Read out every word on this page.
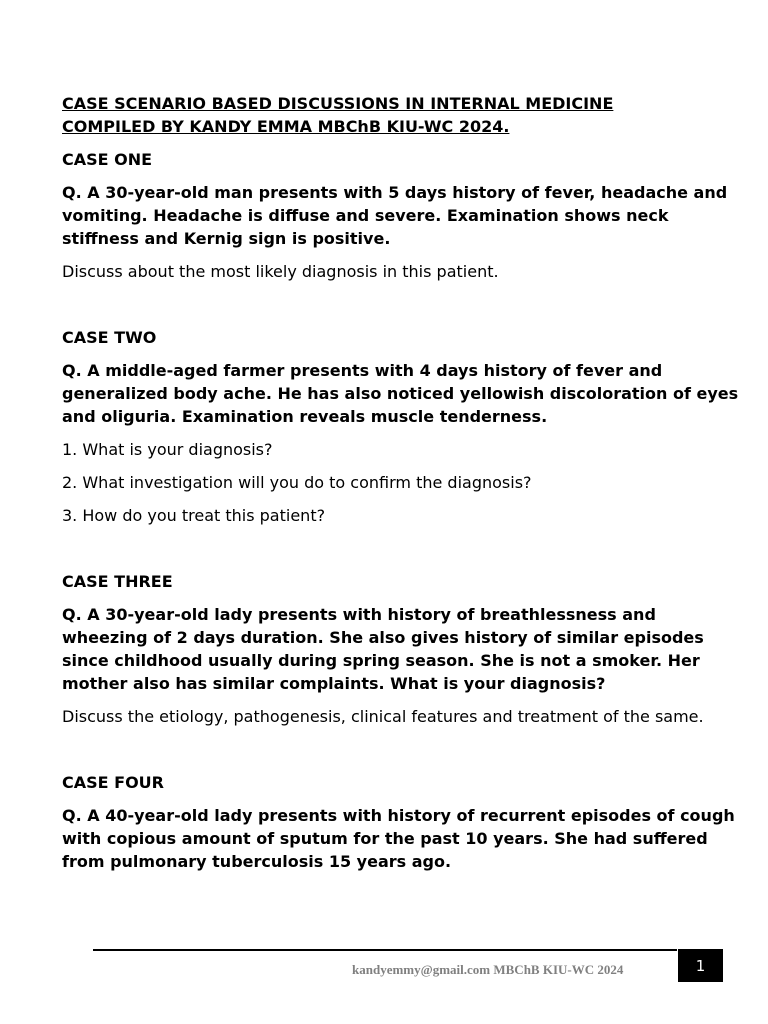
CASE SCENARIO BASED DISCUSSIONS IN INTERNAL MEDICINE
COMPILED BY KANDY EMMA MBChB KIU-WC 2024.
CASE ONE
Q. A 30-year-old man presents with 5 days history of fever, headache and vomiting. Headache is diffuse and severe. Examination shows neck stiffness and Kernig sign is positive.
Discuss about the most likely diagnosis in this patient.
CASE TWO
Q. A middle-aged farmer presents with 4 days history of fever and generalized body ache. He has also noticed yellowish discoloration of eyes and oliguria. Examination reveals muscle tenderness.
1. What is your diagnosis?
2. What investigation will you do to confirm the diagnosis?
3. How do you treat this patient?
CASE THREE
Q. A 30-year-old lady presents with history of breathlessness and wheezing of 2 days duration. She also gives history of similar episodes since childhood usually during spring season. She is not a smoker. Her mother also has similar complaints. What is your diagnosis?
Discuss the etiology, pathogenesis, clinical features and treatment of the same.
CASE FOUR
Q. A 40-year-old lady presents with history of recurrent episodes of cough with copious amount of sputum for the past 10 years. She had suffered from pulmonary tuberculosis 15 years ago.
kandyemmy@gmail.com MBChB KIU-WC 2024	1
